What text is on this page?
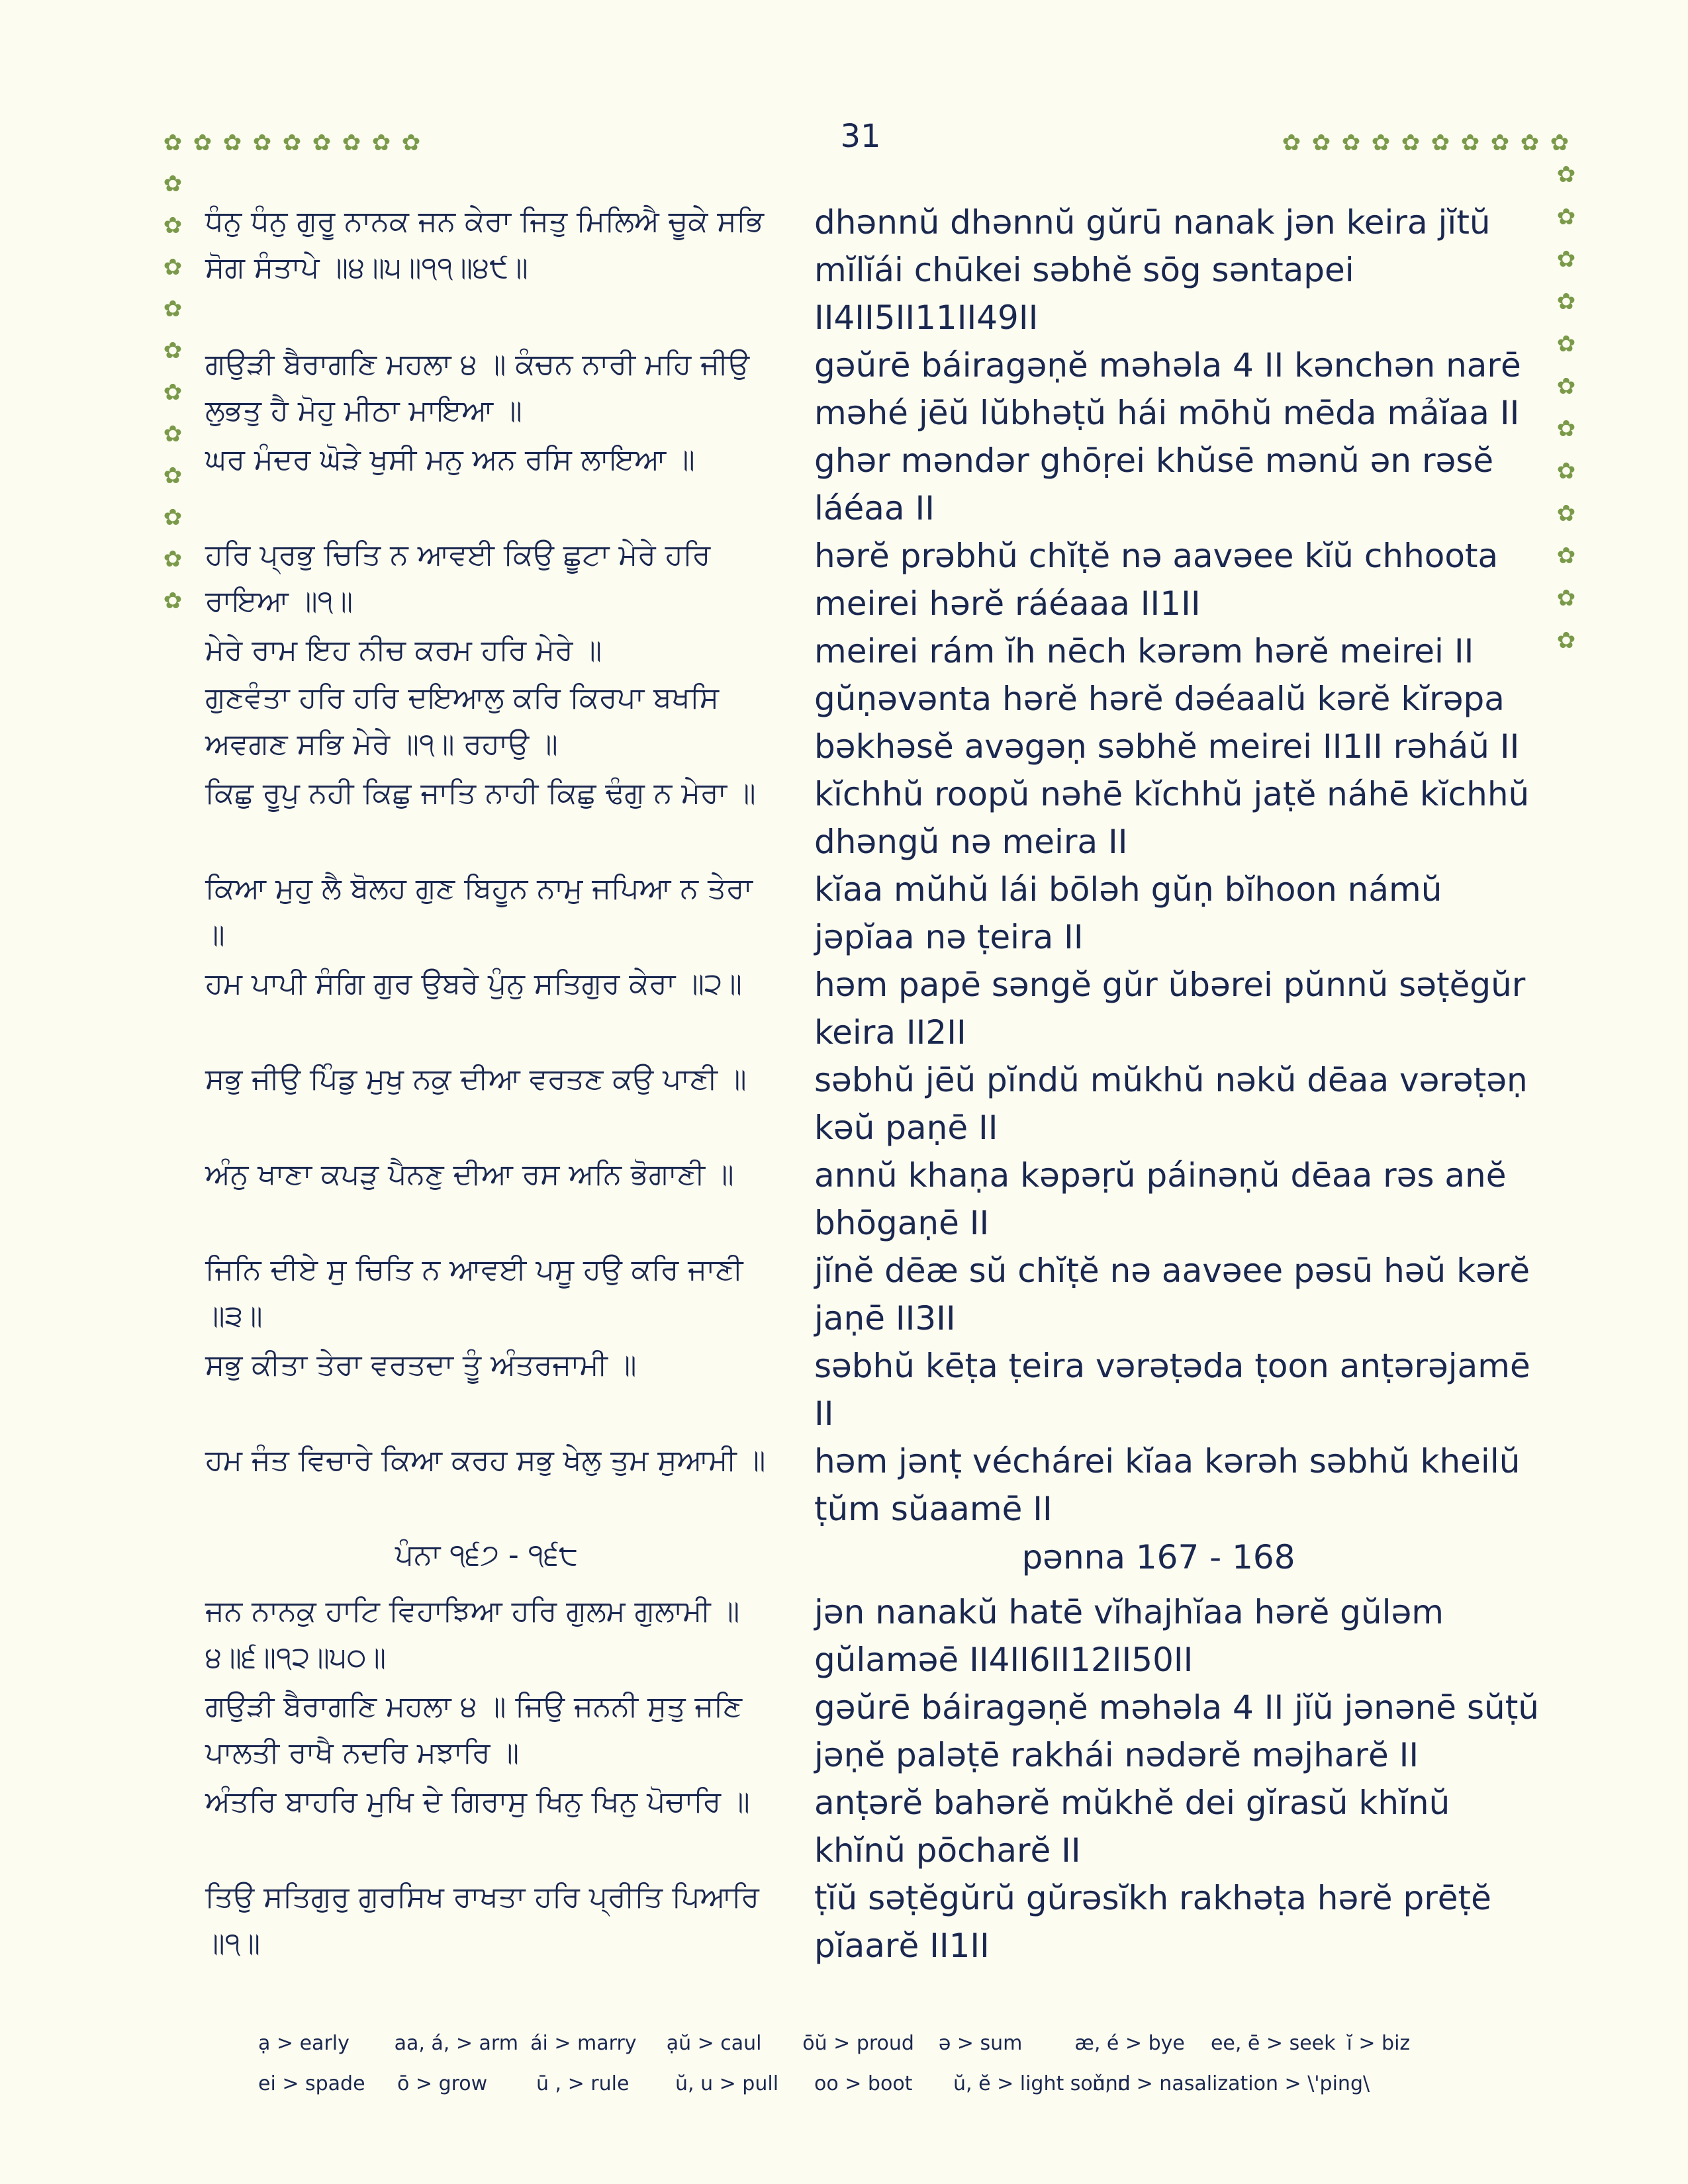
31
✿ ✿ ✿ ✿ ✿ ✿ ✿ ✿ ✿
✿
✿
✿
✿
✿
✿
✿
✿
✿
✿
✿
✿ ✿ ✿ ✿ ✿ ✿ ✿ ✿ ✿ ✿
✿
✿
✿
✿
✿
✿
✿
✿
✿
✿
✿
✿
ਧੰਨੁ ਧੰਨੁ ਗੁਰੂ ਨਾਨਕ ਜਨ ਕੇਰਾ ਜਿਤੁ ਮਿਲਿਐ ਚੂਕੇ ਸਭਿ ਸੋਗ ਸੰਤਾਪੇ ॥੪॥੫॥੧੧॥੪੯॥
dhənnŭ dhənnŭ gŭrū nanak jən keira jĭtŭ mĭlĭái chūkei səbhĕ sōg səntapei II4II5II11II49II
ਗਉੜੀ ਬੈਰਾਗਣਿ ਮਹਲਾ ੪ ॥ ਕੰਚਨ ਨਾਰੀ ਮਹਿ ਜੀਉ ਲੁਭਤੁ ਹੈ ਮੋਹੁ ਮੀਠਾ ਮਾਇਆ ॥
gəŭrē báiragəṇĕ məhəla 4 II kənchən narē məhé jēŭ lŭbhəṭŭ hái mōhŭ mēda mảĭaa II
ਘਰ ਮੰਦਰ ਘੋੜੇ ਖੁਸੀ ਮਨੁ ਅਨ ਰਸਿ ਲਾਇਆ ॥	ghər məndər ghōṛei khŭsē mənŭ ən rəsĕ láéaa II
ਹਰਿ ਪ੍ਰਭੁ ਚਿਤਿ ਨ ਆਵਈ ਕਿਉ ਛੂਟਾ ਮੇਰੇ ਹਰਿ ਰਾਇਆ ॥੧॥
hərĕ prəbhŭ chĭṭĕ nə aavəee kĭŭ chhoota meirei hərĕ ráéaaa II1II
ਮੇਰੇ ਰਾਮ ਇਹ ਨੀਚ ਕਰਮ ਹਰਿ ਮੇਰੇ ॥	meirei rám ĭh nēch kərəm hərĕ meirei II
ਗੁਣਵੰਤਾ ਹਰਿ ਹਰਿ ਦਇਆਲੁ ਕਰਿ ਕਿਰਪਾ ਬਖਸਿ ਅਵਗਣ ਸਭਿ ਮੇਰੇ ॥੧॥ ਰਹਾਉ ॥
gŭṇəvənta hərĕ hərĕ dəéaalŭ kərĕ kĭrəpa bəkhəsĕ avəgəṇ səbhĕ meirei II1II rəháŭ II
ਕਿਛੁ ਰੂਪੁ ਨਹੀ ਕਿਛੁ ਜਾਤਿ ਨਾਹੀ ਕਿਛੁ ਢੰਗੁ ਨ ਮੇਰਾ ॥	kĭchhŭ roopŭ nəhē kĭchhŭ jaṭĕ náhē kĭchhŭ dhəngŭ nə meira II
ਕਿਆ ਮੁਹੁ ਲੈ ਬੋਲਹ ਗੁਣ ਬਿਹੂਨ ਨਾਮੁ ਜਪਿਆ ਨ ਤੇਰਾ ॥
kĭaa mŭhŭ lái bōləh gŭṇ bĭhoon námŭ jəpĭaa nə ṭeira II
ਹਮ ਪਾਪੀ ਸੰਗਿ ਗੁਰ ਉਬਰੇ ਪੁੰਨੁ ਸਤਿਗੁਰ ਕੇਰਾ ॥੨॥	həm papē səngĕ gŭr ŭbərei pŭnnŭ səṭĕgŭr keira II2II
ਸਭੁ ਜੀਉ ਪਿੰਡੁ ਮੁਖੁ ਨਕੁ ਦੀਆ ਵਰਤਣ ਕਉ ਪਾਣੀ ॥	səbhŭ jēŭ pĭndŭ mŭkhŭ nəkŭ dēaa vərəṭəṇ kəŭ paṇē II
ਅੰਨੁ ਖਾਣਾ ਕਪੜੁ ਪੈਨਣੁ ਦੀਆ ਰਸ ਅਨਿ ਭੋਗਾਣੀ ॥	annŭ khaṇa kəpəṛŭ páinəṇŭ dēaa rəs anĕ bhōgaṇē II
ਜਿਨਿ ਦੀਏ ਸੁ ਚਿਤਿ ਨ ਆਵਈ ਪਸੂ ਹਉ ਕਰਿ ਜਾਣੀ ॥੩॥
jĭnĕ dēæ sŭ chĭṭĕ nə aavəee pəsū həŭ kərĕ jaṇē II3II
ਸਭੁ ਕੀਤਾ ਤੇਰਾ ਵਰਤਦਾ ਤੂੰ ਅੰਤਰਜਾਮੀ ॥	səbhŭ kēṭa ṭeira vərəṭəda ṭoon anṭərəjamē II
ਹਮ ਜੰਤ ਵਿਚਾਰੇ ਕਿਆ ਕਰਹ ਸਭੁ ਖੇਲੁ ਤੁਮ ਸੁਆਮੀ ॥	həm jənṭ véchárei kĭaa kərəh səbhŭ kheilŭ ṭŭm sŭaamē II
ਪੰਨਾ ੧੬੭ - ੧੬੮	pənna 167 - 168
ਜਨ ਨਾਨਕੁ ਹਾਟਿ ਵਿਹਾਝਿਆ ਹਰਿ ਗੁਲਮ ਗੁਲਾਮੀ ॥੪॥੬॥੧੨॥੫੦॥
jən nanakŭ hatē vĭhajhĭaa hərĕ gŭləm gŭlaməē II4II6II12II50II
ਗਉੜੀ ਬੈਰਾਗਣਿ ਮਹਲਾ ੪ ॥ ਜਿਉ ਜਨਨੀ ਸੁਤੁ ਜਣਿ ਪਾਲਤੀ ਰਾਖੈ ਨਦਰਿ ਮਝਾਰਿ ॥
gəŭrē báiragəṇĕ məhəla 4 II jĭŭ jənənē sŭṭŭ jəṇĕ paləṭē rakhái nədərĕ məjharĕ II
ਅੰਤਰਿ ਬਾਹਰਿ ਮੁਖਿ ਦੇ ਗਿਰਾਸੁ ਖਿਨੁ ਖਿਨੁ ਪੋਚਾਰਿ ॥	anṭərĕ bahərĕ mŭkhĕ dei gĭrasŭ khĭnŭ khĭnŭ pōcharĕ II
ਤਿਉ ਸਤਿਗੁਰੁ ਗੁਰਸਿਖ ਰਾਖਤਾ ਹਰਿ ਪ੍ਰੀਤਿ ਪਿਆਰਿ ॥੧॥
ṭĭŭ səṭĕgŭrŭ gŭrəsĭkh rakhəṭa hərĕ prēṭĕ pĭaarĕ II1II
ạ > early	aa, á, > arm ái > marry	ạŭ > caul	ōŭ > proud	ə > sum	æ, é > bye	ee, ē > seek ĭ > biz
ei > spade	ō > grow	ū , > rule	ŭ, u > pull	oo > boot	ŭ, ĕ > light sound
ň, n > nasalization > \'ping\
